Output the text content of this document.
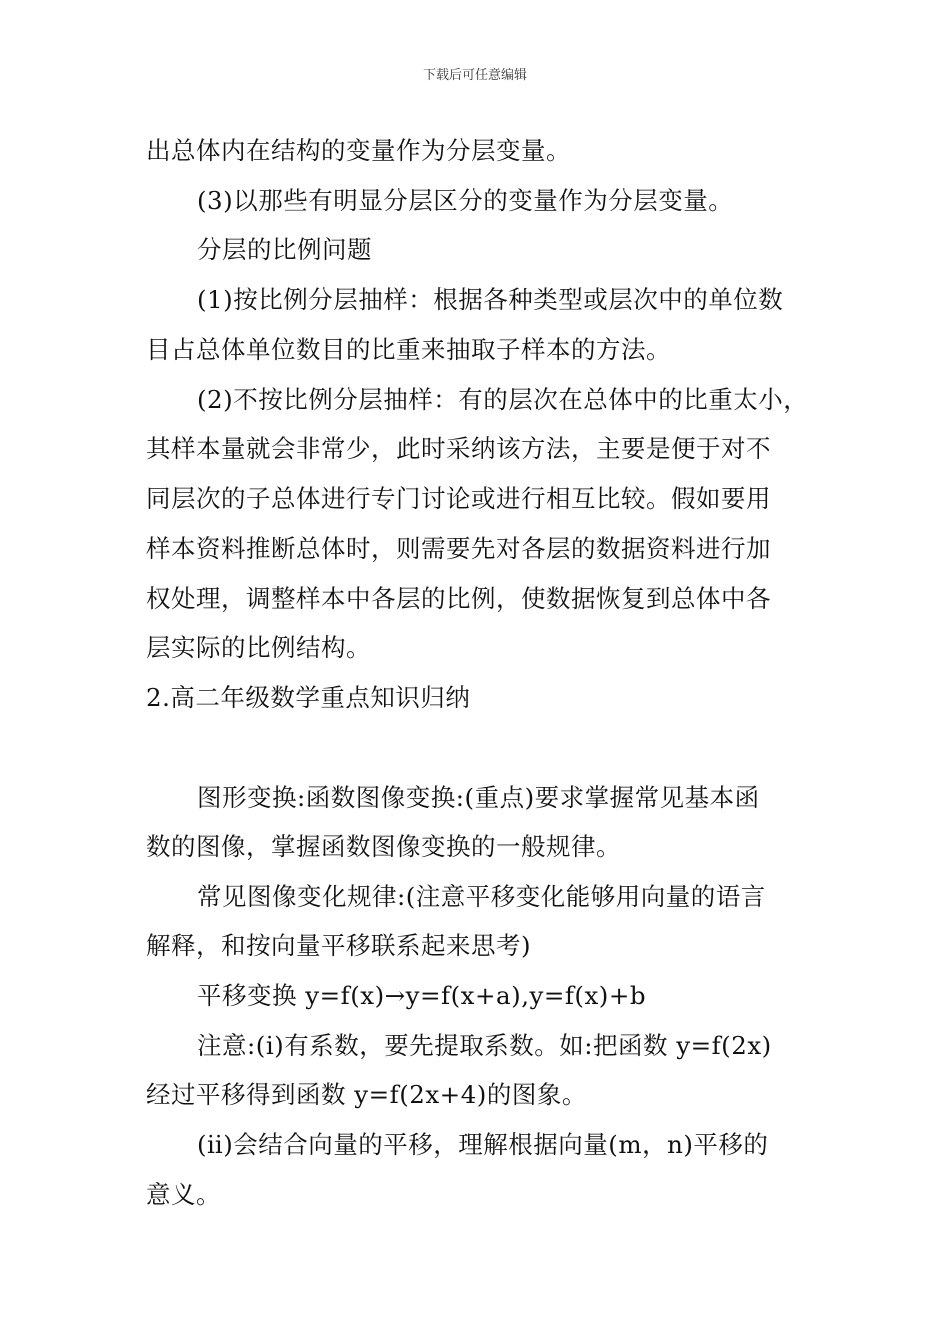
下载后可任意编辑
出总体内在结构的变量作为分层变量。
(3)以那些有明显分层区分的变量作为分层变量。
分层的比例问题
(1)按比例分层抽样：根据各种类型或层次中的单位数
目占总体单位数目的比重来抽取子样本的方法。
(2)不按比例分层抽样：有的层次在总体中的比重太小，
其样本量就会非常少，此时采纳该方法，主要是便于对不
同层次的子总体进行专门讨论或进行相互比较。假如要用
样本资料推断总体时，则需要先对各层的数据资料进行加
权处理，调整样本中各层的比例，使数据恢复到总体中各
层实际的比例结构。
2.高二年级数学重点知识归纳
图形变换:函数图像变换:(重点)要求掌握常见基本函
数的图像，掌握函数图像变换的一般规律。
常见图像变化规律:(注意平移变化能够用向量的语言
解释，和按向量平移联系起来思考)
平移变换 y=f(x)→y=f(x+a),y=f(x)+b
注意:(ⅰ)有系数，要先提取系数。如:把函数 y=f(2x)
经过平移得到函数 y=f(2x+4)的图象。
(ⅱ)会结合向量的平移，理解根据向量(m，n)平移的
意义。
